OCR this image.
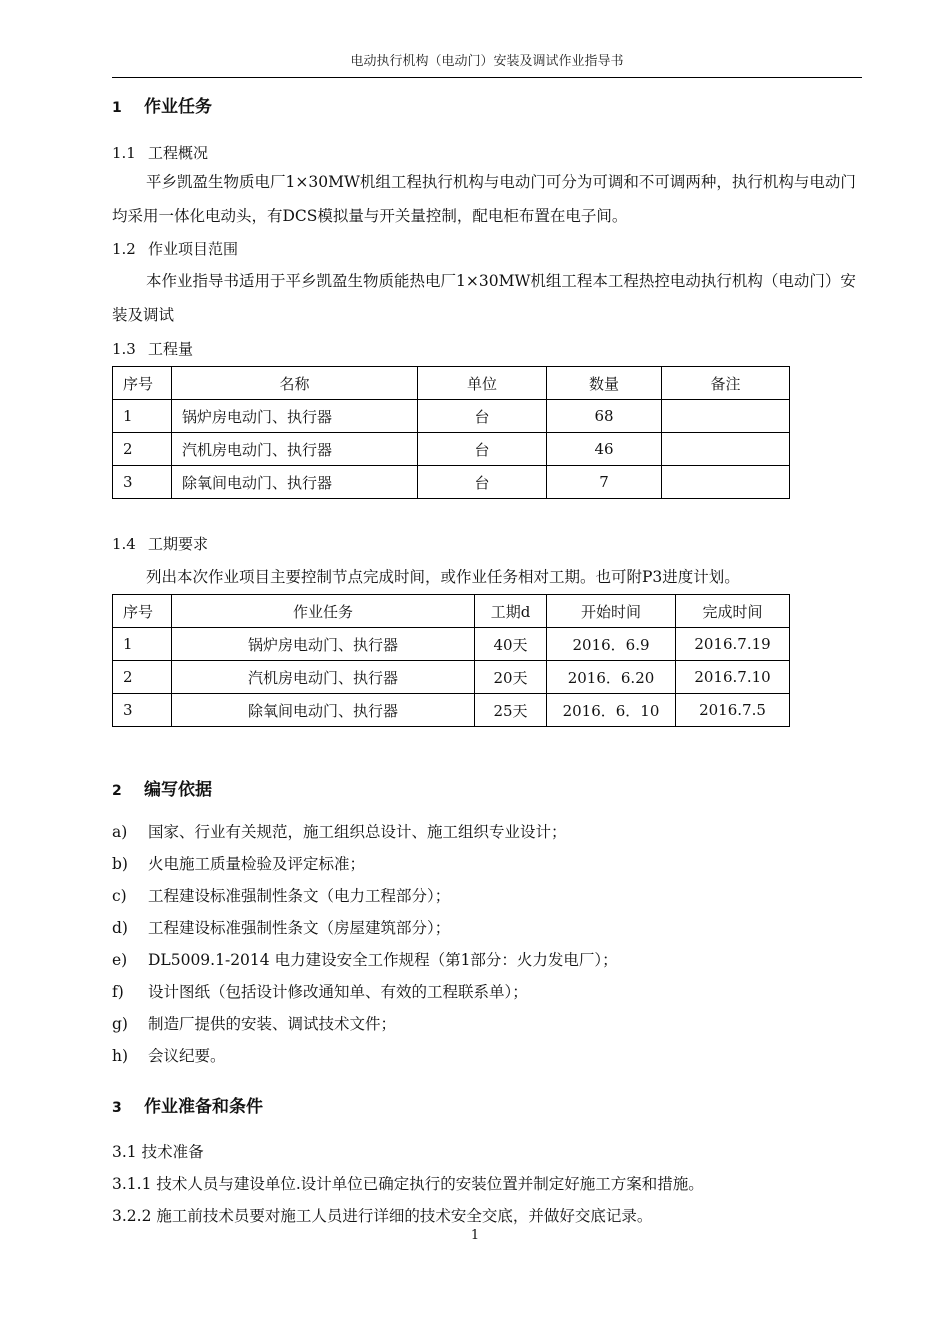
电动执行机构（电动门）安装及调试作业指导书
1 作业任务
1.1 工程概况
平乡凯盈生物质电厂1×30MW机组工程执行机构与电动门可分为可调和不可调两种，执行机构与电动门均采用一体化电动头，有DCS模拟量与开关量控制，配电柜布置在电子间。
1.2 作业项目范围
本作业指导书适用于平乡凯盈生物质能热电厂1×30MW机组工程本工程热控电动执行机构（电动门）安装及调试
1.3 工程量
序号	名称	单位	数量	备注
1	锅炉房电动门、执行器	台	68	
2	汽机房电动门、执行器	台	46	
3	除氧间电动门、执行器	台	7	
1.4 工期要求
列出本次作业项目主要控制节点完成时间，或作业任务相对工期。也可附P3进度计划。
序号	作业任务	工期d	开始时间	完成时间
1	锅炉房电动门、执行器	40天	2016．6.9	2016.7.19
2	汽机房电动门、执行器	20天	2016．6.20	2016.7.10
3	除氧间电动门、执行器	25天	2016．6．10	2016.7.5
2 编写依据
a) 国家、行业有关规范，施工组织总设计、施工组织专业设计；
b) 火电施工质量检验及评定标准；
c) 工程建设标准强制性条文（电力工程部分）；
d) 工程建设标准强制性条文（房屋建筑部分）；
e) DL5009.1-2014 电力建设安全工作规程（第1部分：火力发电厂）；
f) 设计图纸（包括设计修改通知单、有效的工程联系单）；
g) 制造厂提供的安装、调试技术文件；
h) 会议纪要。
3 作业准备和条件
3.1 技术准备
3.1.1 技术人员与建设单位.设计单位已确定执行的安装位置并制定好施工方案和措施。
3.2.2 施工前技术员要对施工人员进行详细的技术安全交底，并做好交底记录。
1
